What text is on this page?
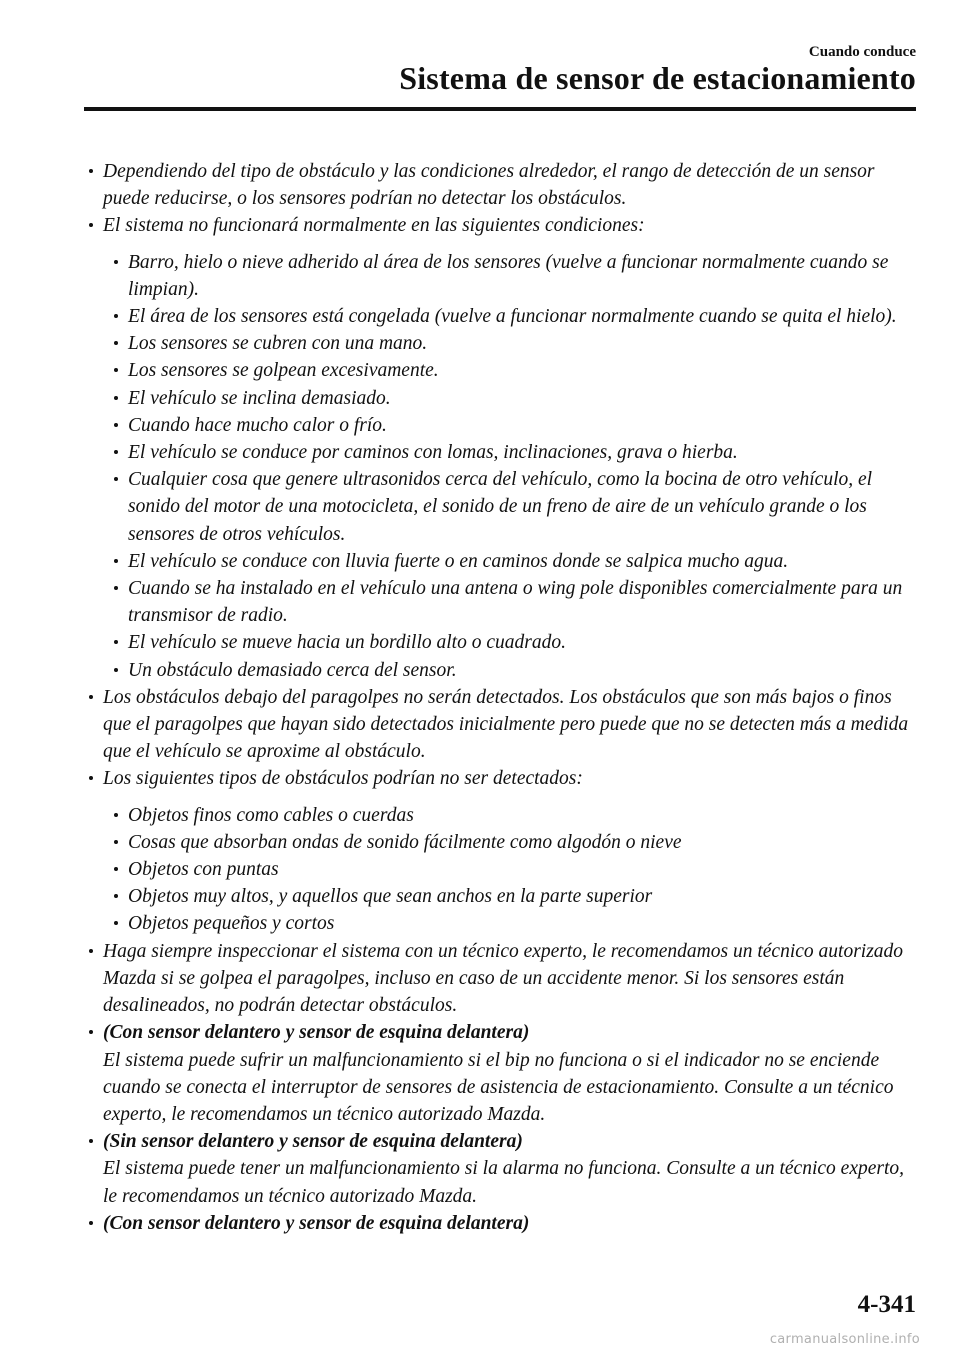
Cuando conduce
Sistema de sensor de estacionamiento

Dependiendo del tipo de obstáculo y las condiciones alrededor, el rango de detección de un sensor puede reducirse, o los sensores podrían no detectar los obstáculos.

El sistema no funcionará normalmente en las siguientes condiciones:

Barro, hielo o nieve adherido al área de los sensores (vuelve a funcionar normalmente cuando se limpian).

El área de los sensores está congelada (vuelve a funcionar normalmente cuando se quita el hielo).

Los sensores se cubren con una mano.

Los sensores se golpean excesivamente.

El vehículo se inclina demasiado.

Cuando hace mucho calor o frío.

El vehículo se conduce por caminos con lomas, inclinaciones, grava o hierba.

Cualquier cosa que genere ultrasonidos cerca del vehículo, como la bocina de otro vehículo, el sonido del motor de una motocicleta, el sonido de un freno de aire de un vehículo grande o los sensores de otros vehículos.

El vehículo se conduce con lluvia fuerte o en caminos donde se salpica mucho agua.

Cuando se ha instalado en el vehículo una antena o wing pole disponibles comercialmente para un transmisor de radio.

El vehículo se mueve hacia un bordillo alto o cuadrado.

Un obstáculo demasiado cerca del sensor.

Los obstáculos debajo del paragolpes no serán detectados. Los obstáculos que son más bajos o finos que el paragolpes que hayan sido detectados inicialmente pero puede que no se detecten más a medida que el vehículo se aproxime al obstáculo.

Los siguientes tipos de obstáculos podrían no ser detectados:

Objetos finos como cables o cuerdas

Cosas que absorban ondas de sonido fácilmente como algodón o nieve

Objetos con puntas

Objetos muy altos, y aquellos que sean anchos en la parte superior

Objetos pequeños y cortos

Haga siempre inspeccionar el sistema con un técnico experto, le recomendamos un técnico autorizado Mazda si se golpea el paragolpes, incluso en caso de un accidente menor. Si los sensores están desalineados, no podrán detectar obstáculos.

(Con sensor delantero y sensor de esquina delantera)

El sistema puede sufrir un malfuncionamiento si el bip no funciona o si el indicador no se enciende cuando se conecta el interruptor de sensores de asistencia de estacionamiento. Consulte a un técnico experto, le recomendamos un técnico autorizado Mazda.

(Sin sensor delantero y sensor de esquina delantera)

El sistema puede tener un malfuncionamiento si la alarma no funciona. Consulte a un técnico experto, le recomendamos un técnico autorizado Mazda.

(Con sensor delantero y sensor de esquina delantera)

4-341
carmanualsonline.info
